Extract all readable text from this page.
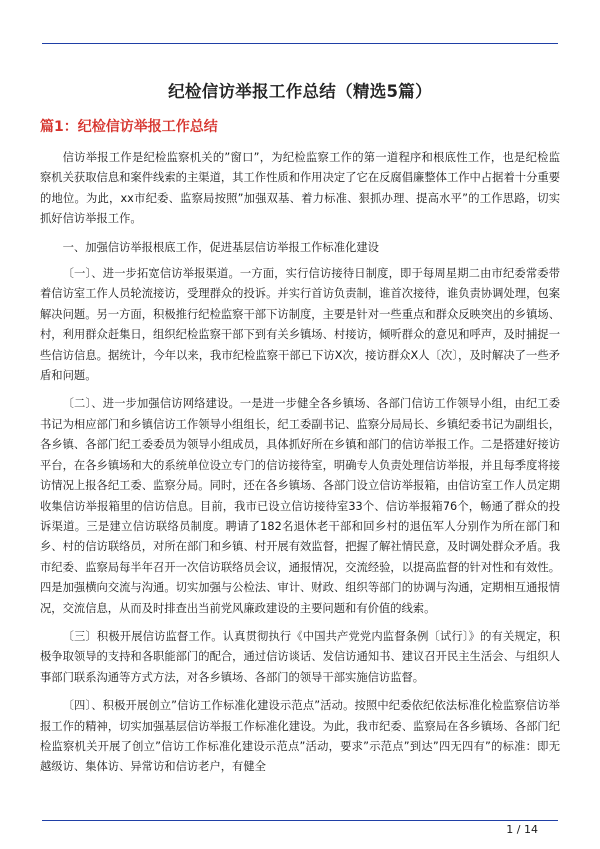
纪检信访举报工作总结（精选5篇）
篇1：纪检信访举报工作总结

信访举报工作是纪检监察机关的”窗口”，为纪检监察工作的第一道程序和根底性工作，也是纪检监察机关获取信息和案件线索的主渠道，其工作性质和作用决定了它在反腐倡廉整体工作中占据着十分重要的地位。为此，xx市纪委、监察局按照”加强双基、着力标准、狠抓办理、提高水平”的工作思路，切实抓好信访举报工作。

一、加强信访举报根底工作，促进基层信访举报工作标准化建设

〔一〕、进一步拓宽信访举报渠道。一方面，实行信访接待日制度，即于每周星期二由市纪委常委带着信访室工作人员轮流接访，受理群众的投诉。并实行首访负责制，谁首次接待，谁负责协调处理，包案解决问题。另一方面，积极推行纪检监察干部下访制度，主要是针对一些重点和群众反映突出的乡镇场、村，利用群众赶集日，组织纪检监察干部下到有关乡镇场、村接访，倾听群众的意见和呼声，及时捕捉一些信访信息。据统计，今年以来，我市纪检监察干部已下访X次，接访群众X人〔次〕，及时解决了一些矛盾和问题。

〔二〕、进一步加强信访网络建设。一是进一步健全各乡镇场、各部门信访工作领导小组，由纪工委书记为相应部门和乡镇信访工作领导小组组长，纪工委副书记、监察分局局长、乡镇纪委书记为副组长，各乡镇、各部门纪工委委员为领导小组成员，具体抓好所在乡镇和部门的信访举报工作。二是搭建好接访平台，在各乡镇场和大的系统单位设立专门的信访接待室，明确专人负责处理信访举报，并且每季度将接访情况上报各纪工委、监察分局。同时，还在各乡镇场、各部门设立信访举报箱，由信访室工作人员定期收集信访举报箱里的信访信息。目前，我市已设立信访接待室33个、信访举报箱76个，畅通了群众的投诉渠道。三是建立信访联络员制度。聘请了182名退休老干部和回乡村的退伍军人分别作为所在部门和乡、村的信访联络员，对所在部门和乡镇、村开展有效监督，把握了解社情民意，及时调处群众矛盾。我市纪委、监察局每半年召开一次信访联络员会议，通报情况，交流经验，以提高监督的针对性和有效性。四是加强横向交流与沟通。切实加强与公检法、审计、财政、组织等部门的协调与沟通，定期相互通报情况，交流信息，从而及时排查出当前党风廉政建设的主要问题和有价值的线索。

〔三〕积极开展信访监督工作。认真贯彻执行《中国共产党党内监督条例〔试行〕》的有关规定，积极争取领导的支持和各职能部门的配合，通过信访谈话、发信访通知书、建议召开民主生活会、与组织人事部门联系沟通等方式方法，对各乡镇场、各部门的领导干部实施信访监督。

〔四〕、积极开展创立”信访工作标准化建设示范点”活动。按照中纪委依纪依法标准化检监察信访举报工作的精神，切实加强基层信访举报工作标准化建设。为此，我市纪委、监察局在各乡镇场、各部门纪检监察机关开展了创立”信访工作标准化建设示范点”活动，要求”示范点”到达”四无四有”的标准：即无越级访、集体访、异常访和信访老户，有健全

1 / 14
